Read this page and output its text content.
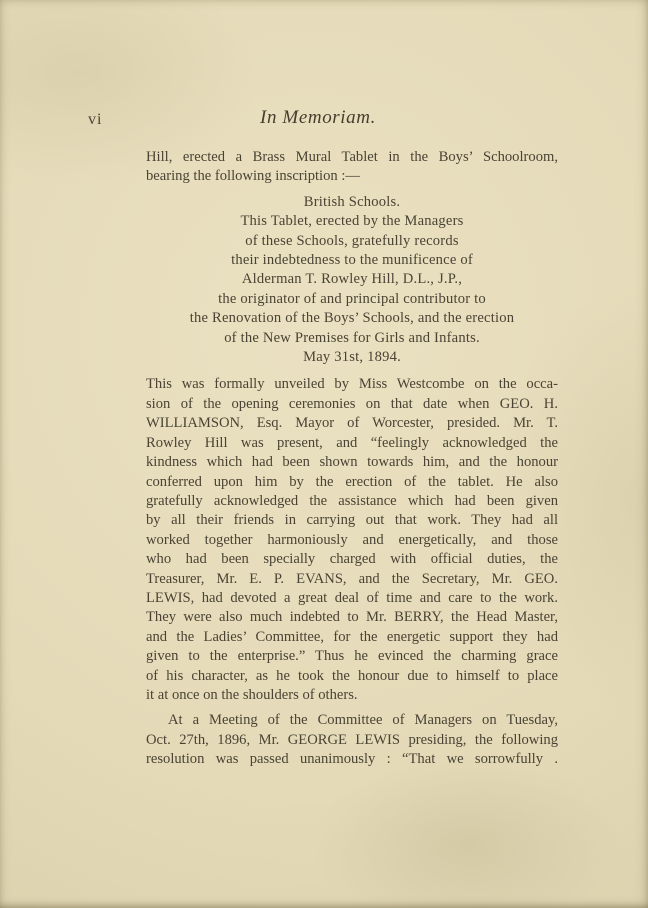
vi	In Memoriam.
Hill, erected a Brass Mural Tablet in the Boys’ Schoolroom,
bearing the following inscription :—
British Schools.
This Tablet, erected by the Managers
of these Schools, gratefully records
their indebtedness to the munificence of
Alderman T. Rowley Hill, D.L., J.P.,
the originator of and principal contributor to
the Renovation of the Boys’ Schools, and the erection
of the New Premises for Girls and Infants.
May 31st, 1894.
This was formally unveiled by Miss Westcombe on the occa-
sion of the opening ceremonies on that date when GEO. H.
WILLIAMSON, Esq. Mayor of Worcester, presided. Mr. T.
Rowley Hill was present, and “feelingly acknowledged the
kindness which had been shown towards him, and the honour
conferred upon him by the erection of the tablet. He also
gratefully acknowledged the assistance which had been given
by all their friends in carrying out that work. They had all
worked together harmoniously and energetically, and those
who had been specially charged with official duties, the
Treasurer, Mr. E. P. EVANS, and the Secretary, Mr. GEO.
LEWIS, had devoted a great deal of time and care to the work.
They were also much indebted to Mr. BERRY, the Head Master,
and the Ladies’ Committee, for the energetic support they had
given to the enterprise.” Thus he evinced the charming grace
of his character, as he took the honour due to himself to place
it at once on the shoulders of others.
At a Meeting of the Committee of Managers on Tuesday,
Oct. 27th, 1896, Mr. GEORGE LEWIS presiding, the following
resolution was passed unanimously : “That we sorrowfully .
